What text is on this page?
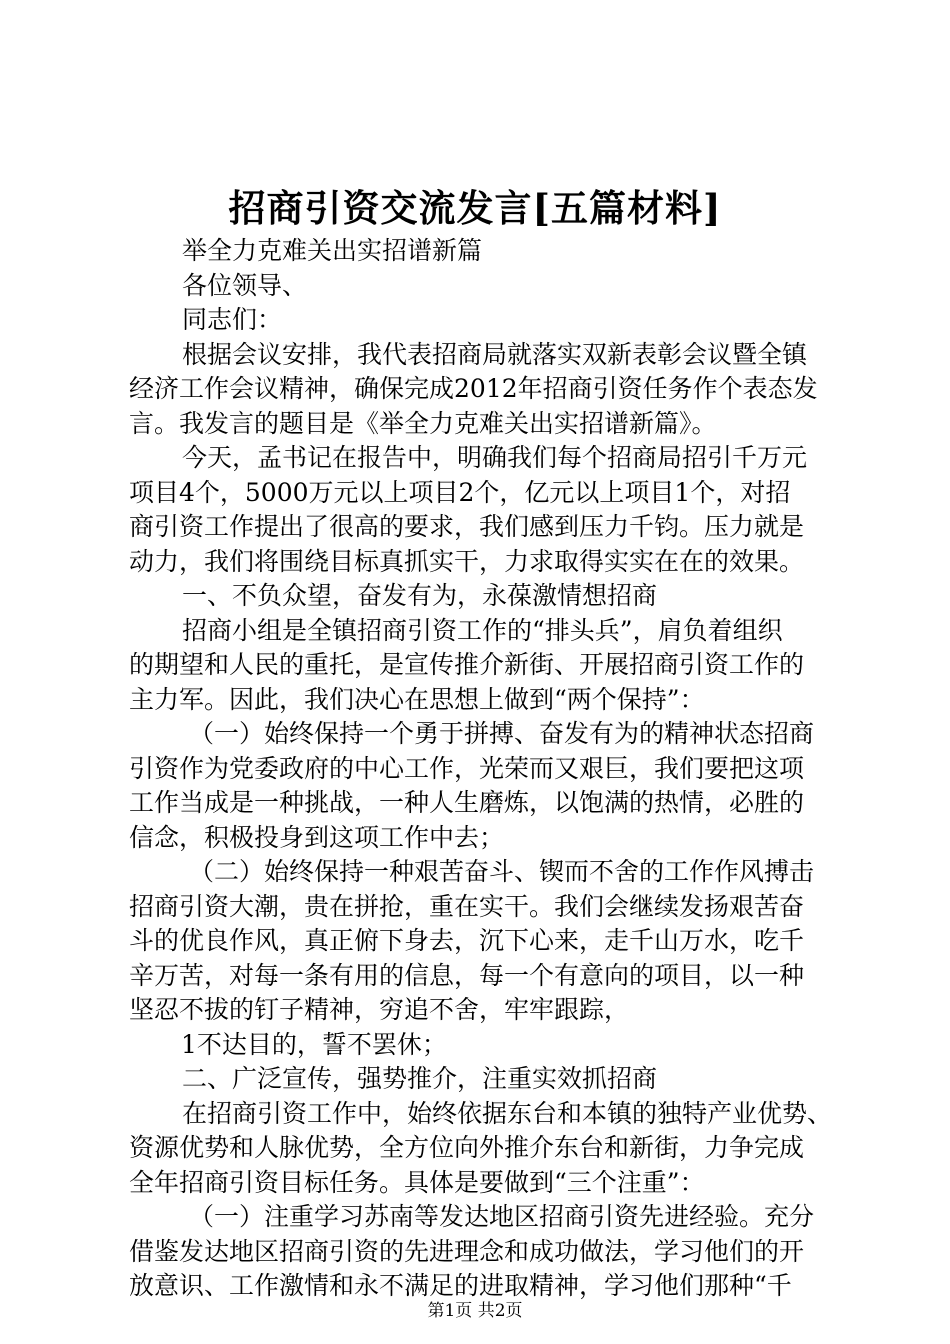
招商引资交流发言[五篇材料]
举全力克难关出实招谱新篇
各位领导、
同志们：
根据会议安排，我代表招商局就落实双新表彰会议暨全镇
经济工作会议精神，确保完成2012年招商引资任务作个表态发
言。我发言的题目是《举全力克难关出实招谱新篇》。
今天，孟书记在报告中，明确我们每个招商局招引千万元
项目4个，5000万元以上项目2个，亿元以上项目1个，对招
商引资工作提出了很高的要求，我们感到压力千钧。压力就是
动力，我们将围绕目标真抓实干，力求取得实实在在的效果。
一、不负众望，奋发有为，永葆激情想招商
招商小组是全镇招商引资工作的“排头兵”，肩负着组织
的期望和人民的重托，是宣传推介新街、开展招商引资工作的
主力军。因此，我们决心在思想上做到“两个保持”：
（一）始终保持一个勇于拼搏、奋发有为的精神状态招商
引资作为党委政府的中心工作，光荣而又艰巨，我们要把这项
工作当成是一种挑战，一种人生磨炼，以饱满的热情，必胜的
信念，积极投身到这项工作中去；
（二）始终保持一种艰苦奋斗、锲而不舍的工作作风搏击
招商引资大潮，贵在拼抢，重在实干。我们会继续发扬艰苦奋
斗的优良作风，真正俯下身去，沉下心来，走千山万水，吃千
辛万苦，对每一条有用的信息，每一个有意向的项目，以一种
坚忍不拔的钉子精神，穷追不舍，牢牢跟踪，
1不达目的，誓不罢休；
二、广泛宣传，强势推介，注重实效抓招商
在招商引资工作中，始终依据东台和本镇的独特产业优势、
资源优势和人脉优势，全方位向外推介东台和新街，力争完成
全年招商引资目标任务。具体是要做到“三个注重”：
（一）注重学习苏南等发达地区招商引资先进经验。充分
借鉴发达地区招商引资的先进理念和成功做法，学习他们的开
放意识、工作激情和永不满足的进取精神，学习他们那种“千
第1页 共2页
